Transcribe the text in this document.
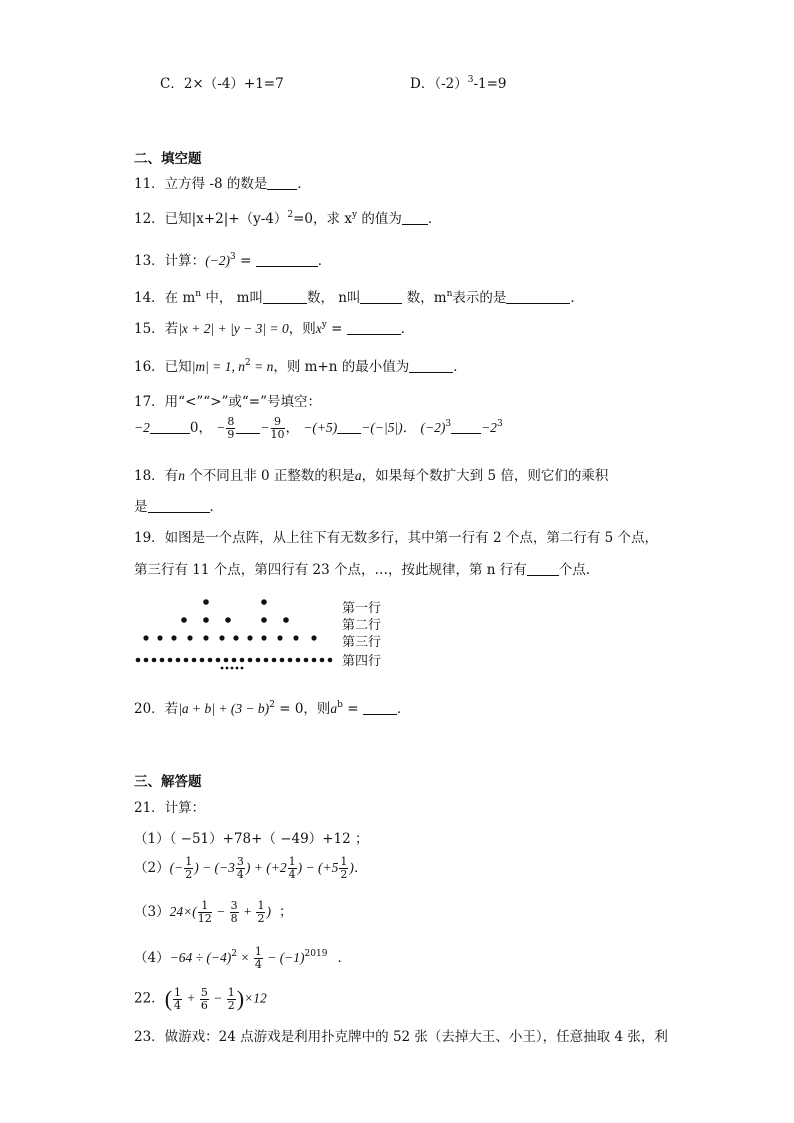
C．2×（-4）+1=7	D．$(-2)^3-1=9$
二、填空题
11．立方得 -8 的数是 ．
12．已知$|x+2|+(y-4)^2=0$，求 $x^y$ 的值为 ．
13．计算：$(-2)^3$ =	．
14．在 $m^n$ 中， m叫	数， n叫	数，$m^n$表示的是	．
15．若|x + 2| + |y − 3| = 0，则$x^y$ =	．
16．已知|m| = 1, $n^2 = n$，则 m+n 的最小值为	．
17．用“<”“>”或“=”号填空：
−2	0， − $\frac{8}{9} - \frac{9}{10}$ ， −(+5) −(−|5|)． $(-2)^3 -2^3$
18．有n 个不同且非 0 正整数的积是a，如果每个数扩大到 5 倍，则它们的乘积
是	．
19．如图是一个点阵，从上往下有无数多行，其中第一行有 2 个点，第二行有 5 个点，
第三行有 11 个点，第四行有 23 个点，…，按此规律，第 n 行有 个点.
第一行
第二行
第三行
第四行
20．若$|a + b| + (3 - b)^2 = 0$，则$a^b$ =	．
三、解答题
21．计算：
（1）（ −51）+78+（ −49）+12 ；
$(2)(- \frac{1}{2}$ ) − ($-3 \frac{3}{4}$ ) + ($+2 \frac{1}{4}$ ) − ($+5 \frac{1}{2}$ )．
$(3)24\times( \frac{1}{12} - \frac{3}{8} + \frac{1}{2}$ ) ；
$(4)-64 \div (-4)^2 \times \frac{1}{4} - (-1)^{2019}$ ．
22．( $\frac{1}{4} + \frac{5}{6} - \frac{1}{2} )\times 12$
23．做游戏：24 点游戏是利用扑克牌中的 52 张（去掉大王、小王），任意抽取 4 张，利
